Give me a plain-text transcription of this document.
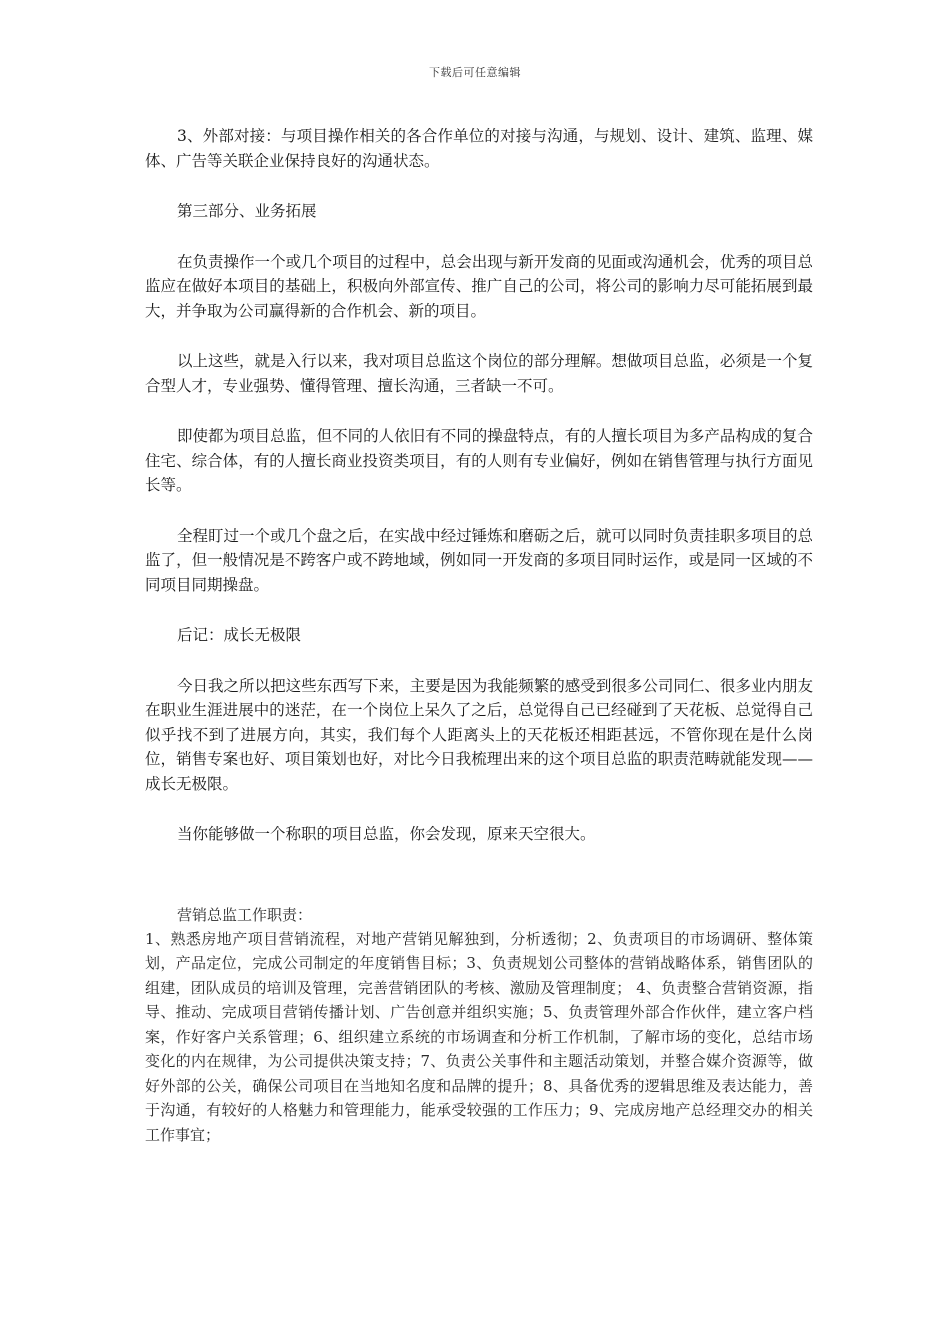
下载后可任意编辑

3、外部对接：与项目操作相关的各合作单位的对接与沟通，与规划、设计、建筑、监理、媒体、广告等关联企业保持良好的沟通状态。

第三部分、业务拓展

在负责操作一个或几个项目的过程中，总会出现与新开发商的见面或沟通机会，优秀的项目总监应在做好本项目的基础上，积极向外部宣传、推广自己的公司，将公司的影响力尽可能拓展到最大，并争取为公司赢得新的合作机会、新的项目。

以上这些，就是入行以来，我对项目总监这个岗位的部分理解。想做项目总监，必须是一个复合型人才，专业强势、懂得管理、擅长沟通，三者缺一不可。

即使都为项目总监，但不同的人依旧有不同的操盘特点，有的人擅长项目为多产品构成的复合住宅、综合体，有的人擅长商业投资类项目，有的人则有专业偏好，例如在销售管理与执行方面见长等。

全程盯过一个或几个盘之后，在实战中经过锤炼和磨砺之后，就可以同时负责挂职多项目的总监了，但一般情况是不跨客户或不跨地域，例如同一开发商的多项目同时运作，或是同一区域的不同项目同期操盘。

后记：成长无极限

今日我之所以把这些东西写下来，主要是因为我能频繁的感受到很多公司同仁、很多业内朋友在职业生涯进展中的迷茫，在一个岗位上呆久了之后，总觉得自己已经碰到了天花板、总觉得自己似乎找不到了进展方向，其实，我们每个人距离头上的天花板还相距甚远，不管你现在是什么岗位，销售专案也好、项目策划也好，对比今日我梳理出来的这个项目总监的职责范畴就能发现——成长无极限。

当你能够做一个称职的项目总监，你会发现，原来天空很大。

营销总监工作职责：

1、熟悉房地产项目营销流程，对地产营销见解独到，分析透彻；2、负责项目的市场调研、整体策划，产品定位，完成公司制定的年度销售目标；3、负责规划公司整体的营销战略体系，销售团队的组建，团队成员的培训及管理，完善营销团队的考核、激励及管理制度； 4、负责整合营销资源，指导、推动、完成项目营销传播计划、广告创意并组织实施；5、负责管理外部合作伙伴，建立客户档案，作好客户关系管理；6、组织建立系统的市场调查和分析工作机制，了解市场的变化，总结市场变化的内在规律，为公司提供决策支持；7、负责公关事件和主题活动策划，并整合媒介资源等，做好外部的公关，确保公司项目在当地知名度和品牌的提升；8、具备优秀的逻辑思维及表达能力，善于沟通，有较好的人格魅力和管理能力，能承受较强的工作压力；9、完成房地产总经理交办的相关工作事宜；
